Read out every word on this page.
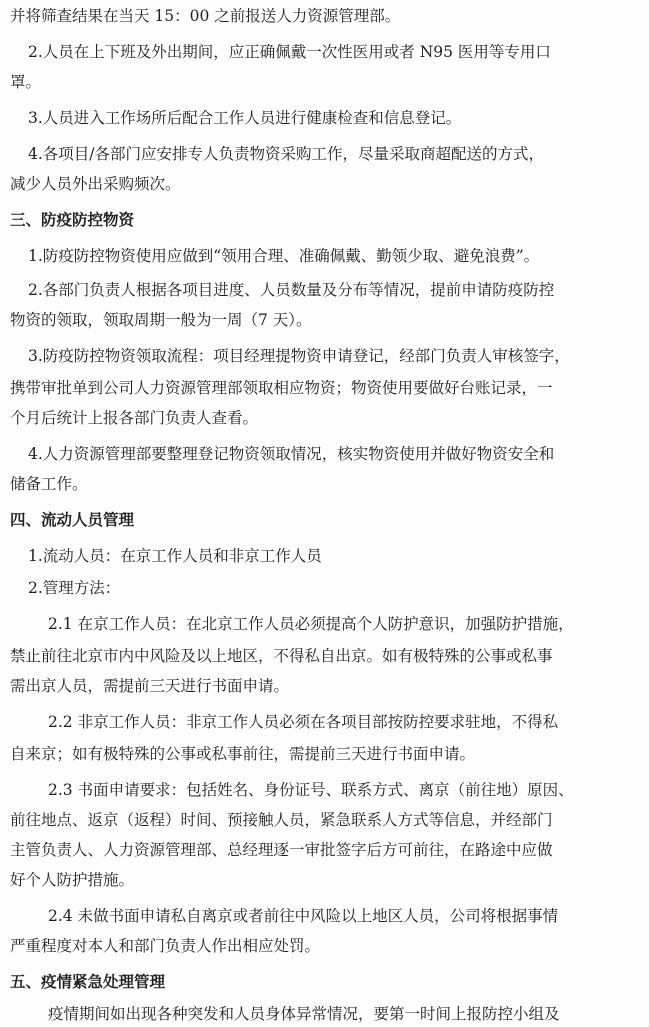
并将筛查结果在当天 15：00 之前报送人力资源管理部。
2.人员在上下班及外出期间，应正确佩戴一次性医用或者 N95 医用等专用口
罩。
3.人员进入工作场所后配合工作人员进行健康检查和信息登记。
4.各项目/各部门应安排专人负责物资采购工作，尽量采取商超配送的方式，
减少人员外出采购频次。
三、防疫防控物资
1.防疫防控物资使用应做到“领用合理、准确佩戴、勤领少取、避免浪费”。
2.各部门负责人根据各项目进度、人员数量及分布等情况，提前申请防疫防控
物资的领取，领取周期一般为一周（7 天）。
3.防疫防控物资领取流程：项目经理提物资申请登记，经部门负责人审核签字，
携带审批单到公司人力资源管理部领取相应物资；物资使用要做好台账记录，一
个月后统计上报各部门负责人查看。
4.人力资源管理部要整理登记物资领取情况，核实物资使用并做好物资安全和
储备工作。
四、流动人员管理
1.流动人员：在京工作人员和非京工作人员
2.管理方法：
2.1 在京工作人员：在北京工作人员必须提高个人防护意识，加强防护措施，
禁止前往北京市内中风险及以上地区，不得私自出京。如有极特殊的公事或私事
需出京人员，需提前三天进行书面申请。
2.2 非京工作人员：非京工作人员必须在各项目部按防控要求驻地，不得私
自来京；如有极特殊的公事或私事前往，需提前三天进行书面申请。
2.3 书面申请要求：包括姓名、身份证号、联系方式、离京（前往地）原因、
前往地点、返京（返程）时间、预接触人员，紧急联系人方式等信息，并经部门
主管负责人、人力资源管理部、总经理逐一审批签字后方可前往，在路途中应做
好个人防护措施。
2.4 未做书面申请私自离京或者前往中风险以上地区人员，公司将根据事情
严重程度对本人和部门负责人作出相应处罚。
五、疫情紧急处理管理
疫情期间如出现各种突发和人员身体异常情况，要第一时间上报防控小组及
